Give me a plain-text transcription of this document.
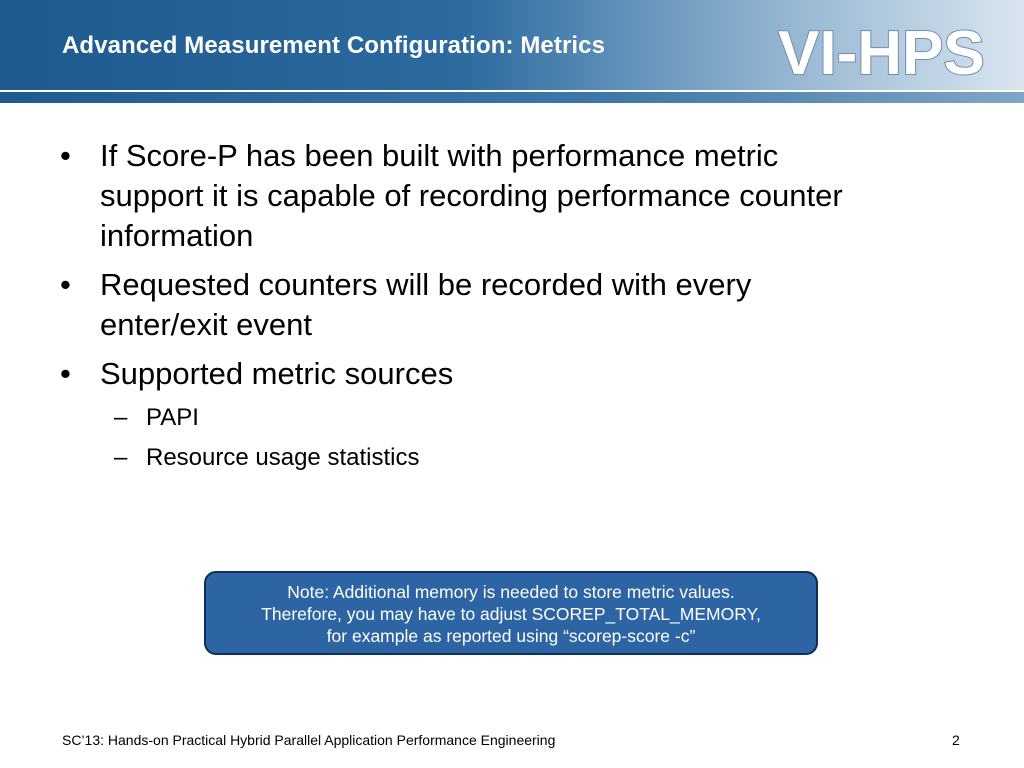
Advanced Measurement Configuration: Metrics	VI-HPS
• If Score-P has been built with performance metric
support it is capable of recording performance counter
information
• Requested counters will be recorded with every
enter/exit event
• Supported metric sources
– PAPI
– Resource usage statistics
Note: Additional memory is needed to store metric values.
Therefore, you may have to adjust SCOREP_TOTAL_MEMORY,
for example as reported using “scorep-score -c”
SC’13: Hands-on Practical Hybrid Parallel Application Performance Engineering	2
